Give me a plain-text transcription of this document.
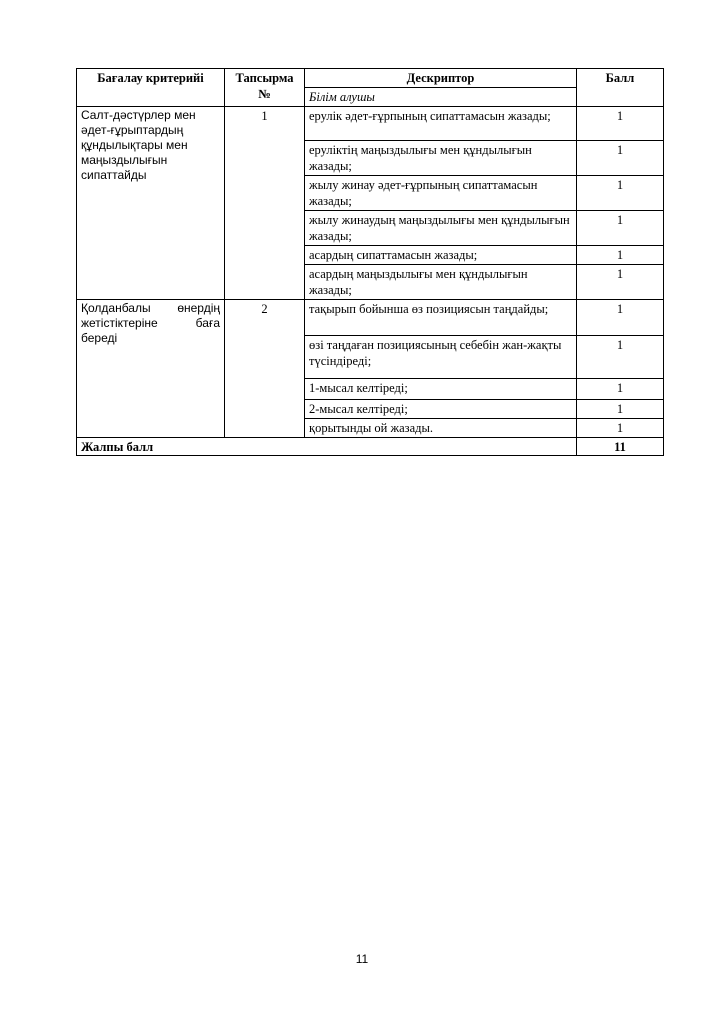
Бағалау критерийі	Тапсырма №	Дескриптор	Балл
		Білім алушы	
Салт-дәстүрлер мен әдет-ғұрыптардың құндылықтары мен маңыздылығын сипаттайды	1	ерулік әдет-ғұрпының сипаттамасын жазады;	1
		ерулiктің маңыздылығы мен құндылығын жазады;	1
		жылу жинау әдет-ғұрпының сипаттамасын жазады;	1
		жылу жинаудың маңыздылығы мен құндылығын жазады;	1
		асардың сипаттамасын жазады;	1
		асардың маңыздылығы мен құндылығын жазады;	1
Қолданбалы өнердің жетістіктеріне баға береді	2	тақырып бойынша өз позициясын таңдайды;	1
		өзі таңдаған позициясының себебін жан-жақты түсіндіреді;	1
		1-мысал келтіреді;	1
		2-мысал келтіреді;	1
		қорытынды ой жазады.	1
Жалпы балл			11
11
